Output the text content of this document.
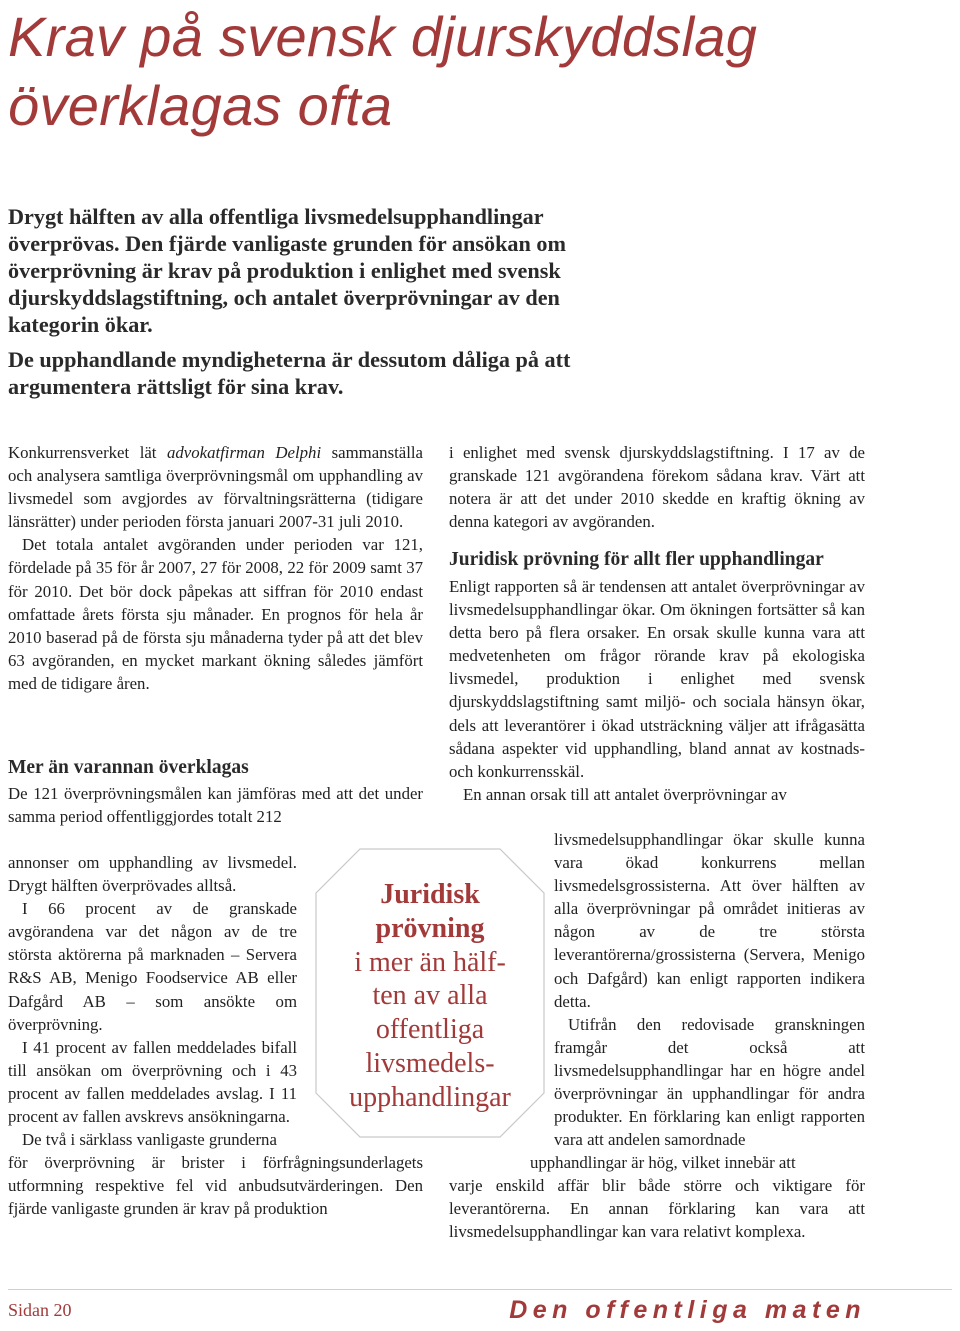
Krav på svensk djurskyddslag överklagas ofta

Drygt hälften av alla offentliga livsmedelsupphandlingar överprövas. Den fjärde vanligaste grunden för ansökan om överprövning är krav på produktion i enlighet med svensk djurskyddslagstiftning, och antalet överprövningar av den kategorin ökar.

De upphandlande myndigheterna är dessutom dåliga på att argumentera rättsligt för sina krav.

Konkurrensverket lät advokatfirman Delphi sammanställa och analysera samtliga överprövningsmål om upphandling av livsmedel som avgjordes av förvaltningsrätterna (tidigare länsrätter) under perioden första januari 2007-31 juli 2010.
Det totala antalet avgöranden under perioden var 121, fördelade på 35 för år 2007, 27 för 2008, 22 för 2009 samt 37 för 2010. Det bör dock påpekas att siffran för 2010 endast omfattade årets första sju månader. En prognos för hela år 2010 baserad på de första sju månaderna tyder på att det blev 63 avgöranden, en mycket markant ökning således jämfört med de tidigare åren.

Mer än varannan överklagas

De 121 överprövningsmålen kan jämföras med att det under samma period offentliggjordes totalt 212

annonser om upphandling av livsmedel. Drygt hälften överprövades alltså.
I 66 procent av de granskade avgörandena var det någon av de tre största aktörerna på marknaden – Servera R&S AB, Menigo Foodservice AB eller Dafgård AB – som ansökte om överprövning.
I 41 procent av fallen meddelades bifall till ansökan om överprövning och i 43 procent av fallen meddelades avslag. I 11 procent av fallen avskrevs ansökningarna.
De två i särklass vanligaste grunderna

för överprövning är brister i förfrågningsunderlagets utformning respektive fel vid anbudsutvärderingen. Den fjärde vanligaste grunden är krav på produktion

i enlighet med svensk djurskyddslagstiftning. I 17 av de granskade 121 avgörandena förekom sådana krav. Värt att notera är att det under 2010 skedde en kraftig ökning av denna kategori av avgöranden.

Juridisk prövning för allt fler upphandlingar
Enligt rapporten så är tendensen att antalet överprövningar av livsmedelsupphandlingar ökar. Om ökningen fortsätter så kan detta bero på flera orsaker. En orsak skulle kunna vara att medvetenheten om frågor rörande krav på ekologiska livsmedel, produktion i enlighet med svensk djurskyddslagstiftning samt miljö- och sociala hänsyn ökar, dels att leverantörer i ökad utsträckning väljer att ifrågasätta sådana aspekter vid upphandling, bland annat av kostnads- och konkurrensskäl.
En annan orsak till att antalet överprövningar av
livsmedelsupphandlingar ökar skulle kunna vara ökad konkurrens mellan livsmedelsgrossisterna. Att över hälften av alla överprövningar på området initieras av någon av de tre största leverantörerna/grossisterna (Servera, Menigo och Dafgård) kan enligt rapporten indikera detta.
Utifrån den redovisade granskningen framgår det också att livsmedelsupphandlingar har en högre andel överprövningar än upphandlingar för andra produkter. En förklaring kan enligt rapporten vara att andelen samordnade

upphandlingar är hög, vilket innebär att

varje enskild affär blir både större och viktigare för leverantörerna. En annan förklaring kan vara att livsmedelsupphandlingar kan vara relativt komplexa.

Juridisk
prövning
i mer än hälf-
ten av alla
offentliga
livsmedels-
upphandlingar

Sidan 20	Den offentliga maten
